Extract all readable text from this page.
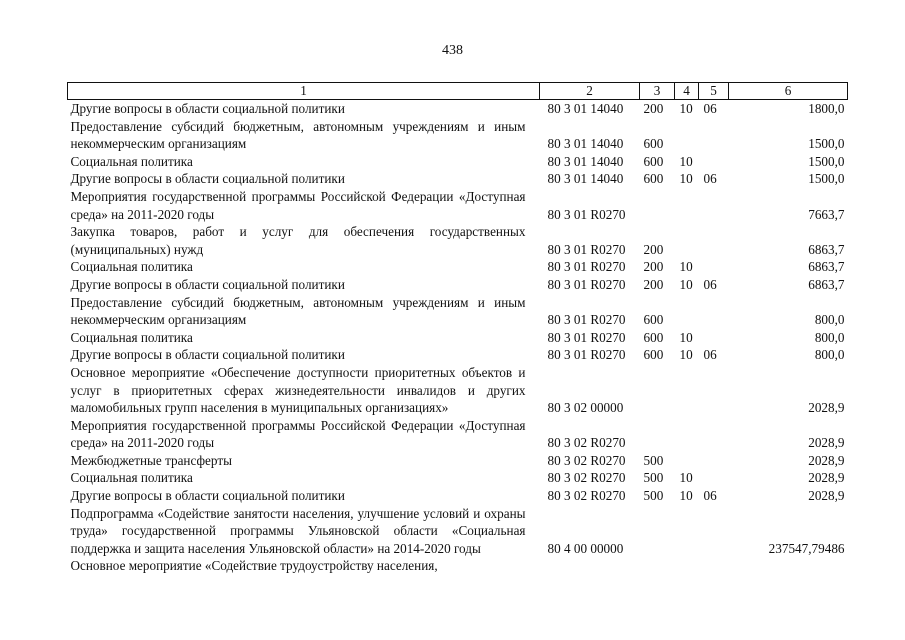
438
1	2	3	4	5	6
Другие вопросы в области социальной политики	80 3 01 14040	200	10	06	1800,0
Предоставление субсидий бюджетным, автономным учреждениям и иным некоммерческим организациям	80 3 01 14040	600			1500,0
Социальная политика	80 3 01 14040	600	10		1500,0
Другие вопросы в области социальной политики	80 3 01 14040	600	10	06	1500,0
Мероприятия государственной программы Российской Федерации «Доступная среда» на 2011-2020 годы	80 3 01 R0270				7663,7
Закупка товаров, работ и услуг для обеспечения государственных (муниципальных) нужд	80 3 01 R0270	200			6863,7
Социальная политика	80 3 01 R0270	200	10		6863,7
Другие вопросы в области социальной политики	80 3 01 R0270	200	10	06	6863,7
Предоставление субсидий бюджетным, автономным учреждениям и иным некоммерческим организациям	80 3 01 R0270	600			800,0
Социальная политика	80 3 01 R0270	600	10		800,0
Другие вопросы в области социальной политики	80 3 01 R0270	600	10	06	800,0
Основное мероприятие «Обеспечение доступности приоритетных объектов и услуг в приоритетных сферах жизнедеятельности инвалидов и других маломобильных групп населения в муниципальных организациях»	80 3 02 00000				2028,9
Мероприятия государственной программы Российской Федерации «Доступная среда» на 2011-2020 годы	80 3 02 R0270				2028,9
Межбюджетные трансферты	80 3 02 R0270	500			2028,9
Социальная политика	80 3 02 R0270	500	10		2028,9
Другие вопросы в области социальной политики	80 3 02 R0270	500	10	06	2028,9
Подпрограмма «Содействие занятости населения, улучшение условий и охраны труда» государственной программы Ульяновской области «Социальная поддержка и защита населения Ульяновской области» на 2014-2020 годы	80 4 00 00000				237547,79486
Основное мероприятие «Содействие трудоустройству населения,					
